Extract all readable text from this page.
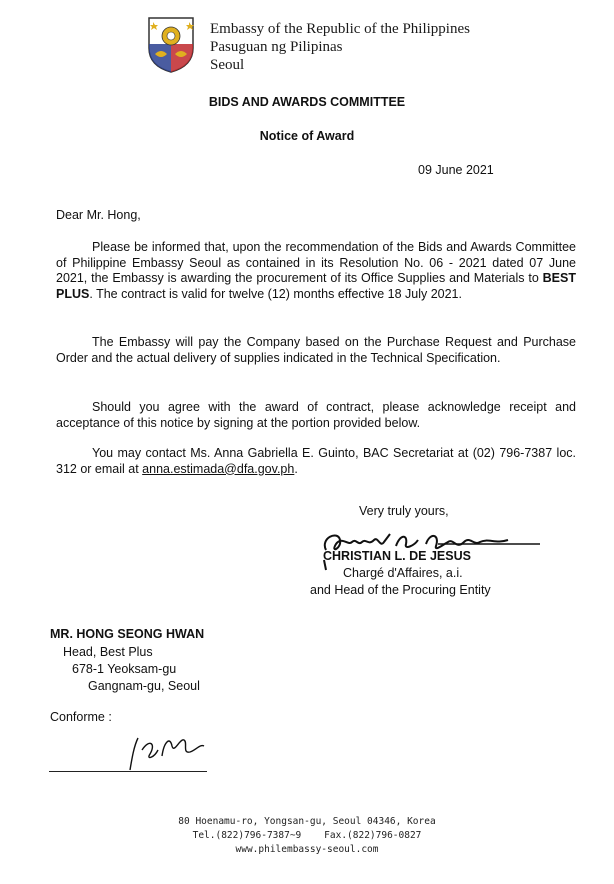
Embassy of the Republic of the Philippines
Pasuguan ng Pilipinas
Seoul
BIDS AND AWARDS COMMITTEE
Notice of Award
09 June 2021
Dear Mr. Hong,
Please be informed that, upon the recommendation of the Bids and Awards Committee of Philippine Embassy Seoul as contained in its Resolution No. 06 - 2021 dated 07 June 2021, the Embassy is awarding the procurement of its Office Supplies and Materials to BEST PLUS. The contract is valid for twelve (12) months effective 18 July 2021.
The Embassy will pay the Company based on the Purchase Request and Purchase Order and the actual delivery of supplies indicated in the Technical Specification.
Should you agree with the award of contract, please acknowledge receipt and acceptance of this notice by signing at the portion provided below.
You may contact Ms. Anna Gabriella E. Guinto, BAC Secretariat at (02) 796-7387 loc. 312 or email at anna.estimada@dfa.gov.ph.
Very truly yours,
CHRISTIAN L. DE JESUS
Chargé d'Affaires, a.i.
and Head of the Procuring Entity
MR. HONG SEONG HWAN
Head, Best Plus
678-1 Yeoksam-gu
Gangnam-gu, Seoul
Conforme :
80 Hoenamu-ro, Yongsan-gu, Seoul 04346, Korea
Tel.(822)796-7387~9    Fax.(822)796-0827
www.philembassy-seoul.com
